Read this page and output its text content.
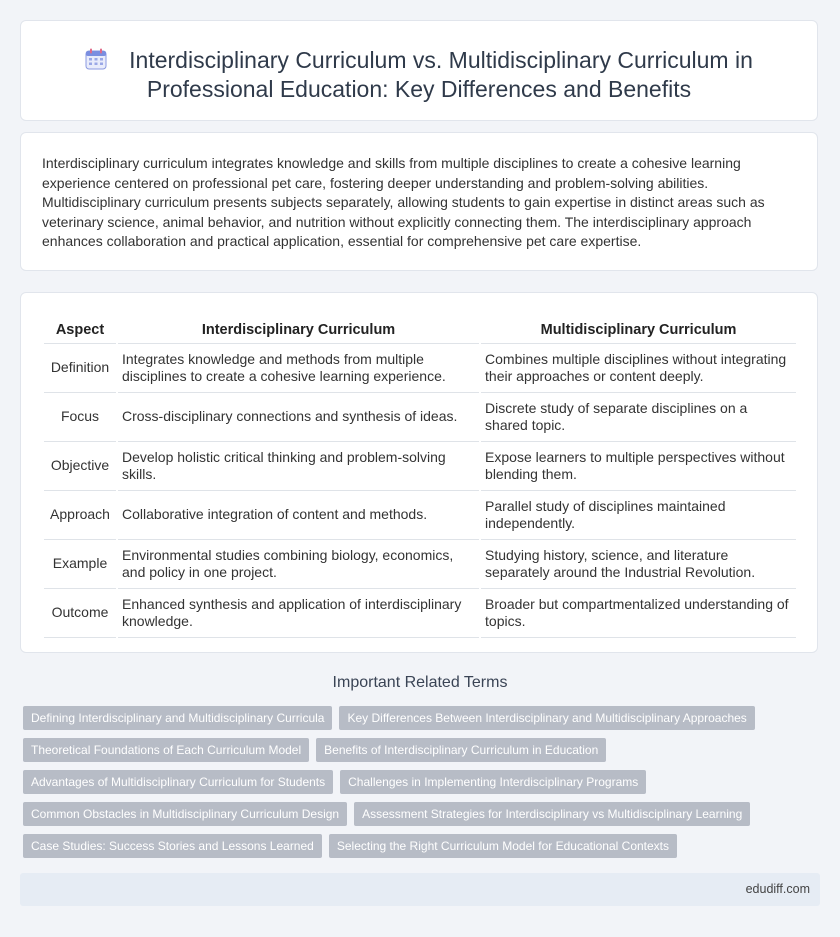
Interdisciplinary Curriculum vs. Multidisciplinary Curriculum in
Professional Education: Key Differences and Benefits
Interdisciplinary curriculum integrates knowledge and skills from multiple disciplines to create a cohesive learning experience centered on professional pet care, fostering deeper understanding and problem-solving abilities. Multidisciplinary curriculum presents subjects separately, allowing students to gain expertise in distinct areas such as veterinary science, animal behavior, and nutrition without explicitly connecting them. The interdisciplinary approach enhances collaboration and practical application, essential for comprehensive pet care expertise.
Aspect	Interdisciplinary Curriculum	Multidisciplinary Curriculum
Definition	Integrates knowledge and methods from multiple disciplines to create a cohesive learning experience.	Combines multiple disciplines without integrating their approaches or content deeply.
Focus	Cross-disciplinary connections and synthesis of ideas.	Discrete study of separate disciplines on a shared topic.
Objective	Develop holistic critical thinking and problem-solving skills.	Expose learners to multiple perspectives without blending them.
Approach	Collaborative integration of content and methods.	Parallel study of disciplines maintained independently.
Example	Environmental studies combining biology, economics, and policy in one project.	Studying history, science, and literature separately around the Industrial Revolution.
Outcome	Enhanced synthesis and application of interdisciplinary knowledge.	Broader but compartmentalized understanding of topics.
Important Related Terms
Defining Interdisciplinary and Multidisciplinary Curricula	Key Differences Between Interdisciplinary and Multidisciplinary Approaches
Theoretical Foundations of Each Curriculum Model	Benefits of Interdisciplinary Curriculum in Education
Advantages of Multidisciplinary Curriculum for Students	Challenges in Implementing Interdisciplinary Programs
Common Obstacles in Multidisciplinary Curriculum Design	Assessment Strategies for Interdisciplinary vs Multidisciplinary Learning
Case Studies: Success Stories and Lessons Learned	Selecting the Right Curriculum Model for Educational Contexts
edudiff.com
